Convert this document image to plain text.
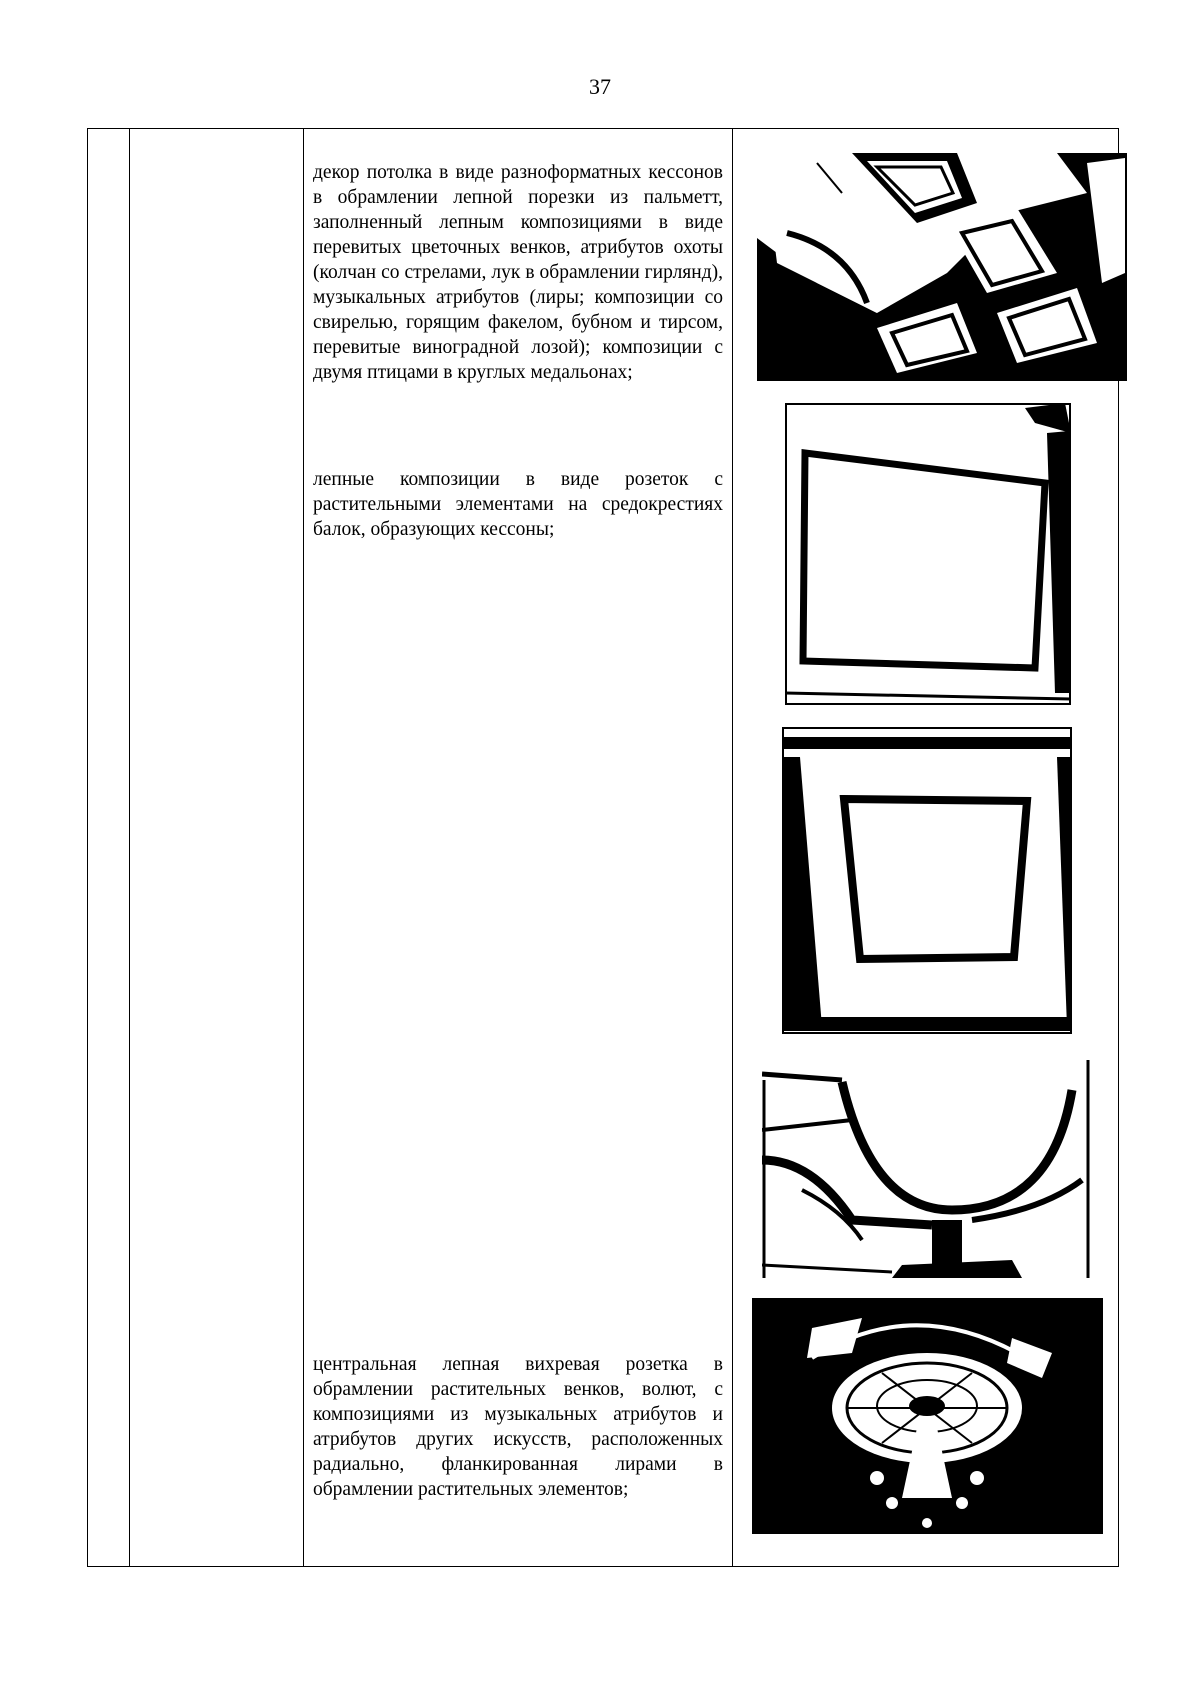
37
декор потолка в виде разноформатных кессонов в обрамлении лепной порезки из пальметт, заполненный лепным композициями в виде перевитых цветочных венков, атрибутов охоты (колчан со стрелами, лук в обрамлении гирлянд), музыкальных атрибутов (лиры; композиции со свирелью, горящим факелом, бубном и тирсом, перевитые виноградной лозой); композиции с двумя птицами в круглых медальонах;
лепные композиции в виде розеток с растительными элементами на средокрестиях балок, образующих кессоны;
центральная лепная вихревая розетка в обрамлении растительных венков, волют, с композициями из музыкальных атрибутов и атрибутов других искусств, расположенных радиально, фланкированная лирами в обрамлении растительных элементов;
